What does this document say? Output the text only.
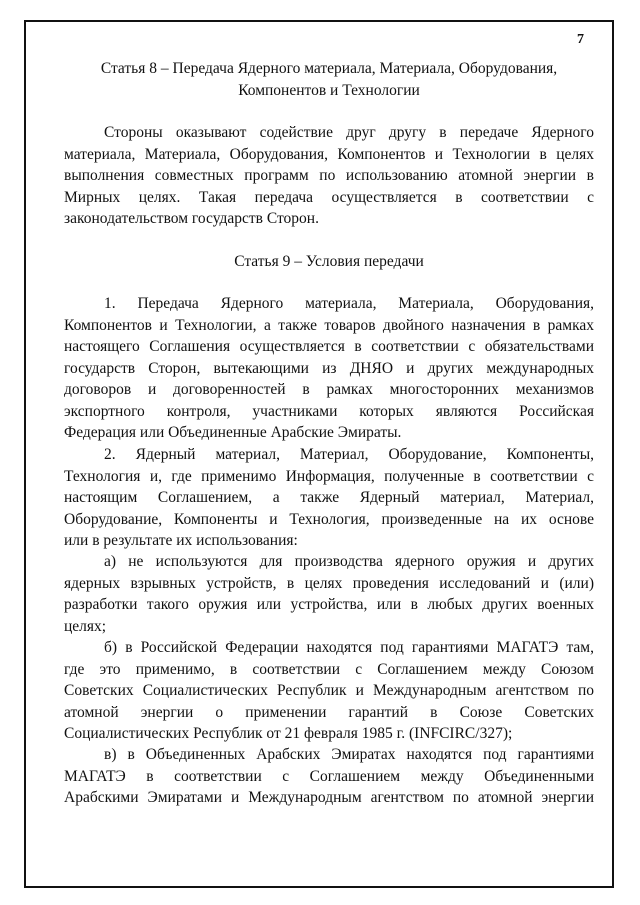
7
Статья 8 – Передача Ядерного материала, Материала, Оборудования,
Компонентов и Технологии
Стороны оказывают содействие друг другу в передаче Ядерного
материала, Материала, Оборудования, Компонентов и Технологии в целях
выполнения совместных программ по использованию атомной энергии в
Мирных целях. Такая передача осуществляется в соответствии с
законодательством государств Сторон.
Статья 9 – Условия передачи
1. Передача Ядерного материала, Материала, Оборудования,
Компонентов и Технологии, а также товаров двойного назначения в рамках
настоящего Соглашения осуществляется в соответствии с обязательствами
государств Сторон, вытекающими из ДНЯО и других международных
договоров и договоренностей в рамках многосторонних механизмов
экспортного контроля, участниками которых являются Российская
Федерация или Объединенные Арабские Эмираты.
2. Ядерный материал, Материал, Оборудование, Компоненты,
Технология и, где применимо Информация, полученные в соответствии с
настоящим Соглашением, а также Ядерный материал, Материал,
Оборудование, Компоненты и Технология, произведенные на их основе
или в результате их использования:
а) не используются для производства ядерного оружия и других
ядерных взрывных устройств, в целях проведения исследований и (или)
разработки такого оружия или устройства, или в любых других военных
целях;
б) в Российской Федерации находятся под гарантиями МАГАТЭ там,
где это применимо, в соответствии с Соглашением между Союзом
Советских Социалистических Республик и Международным агентством по
атомной энергии о применении гарантий в Союзе Советских
Социалистических Республик от 21 февраля 1985 г. (INFCIRC/327);
в) в Объединенных Арабских Эмиратах находятся под гарантиями
МАГАТЭ в соответствии с Соглашением между Объединенными
Арабскими Эмиратами и Международным агентством по атомной энергии
